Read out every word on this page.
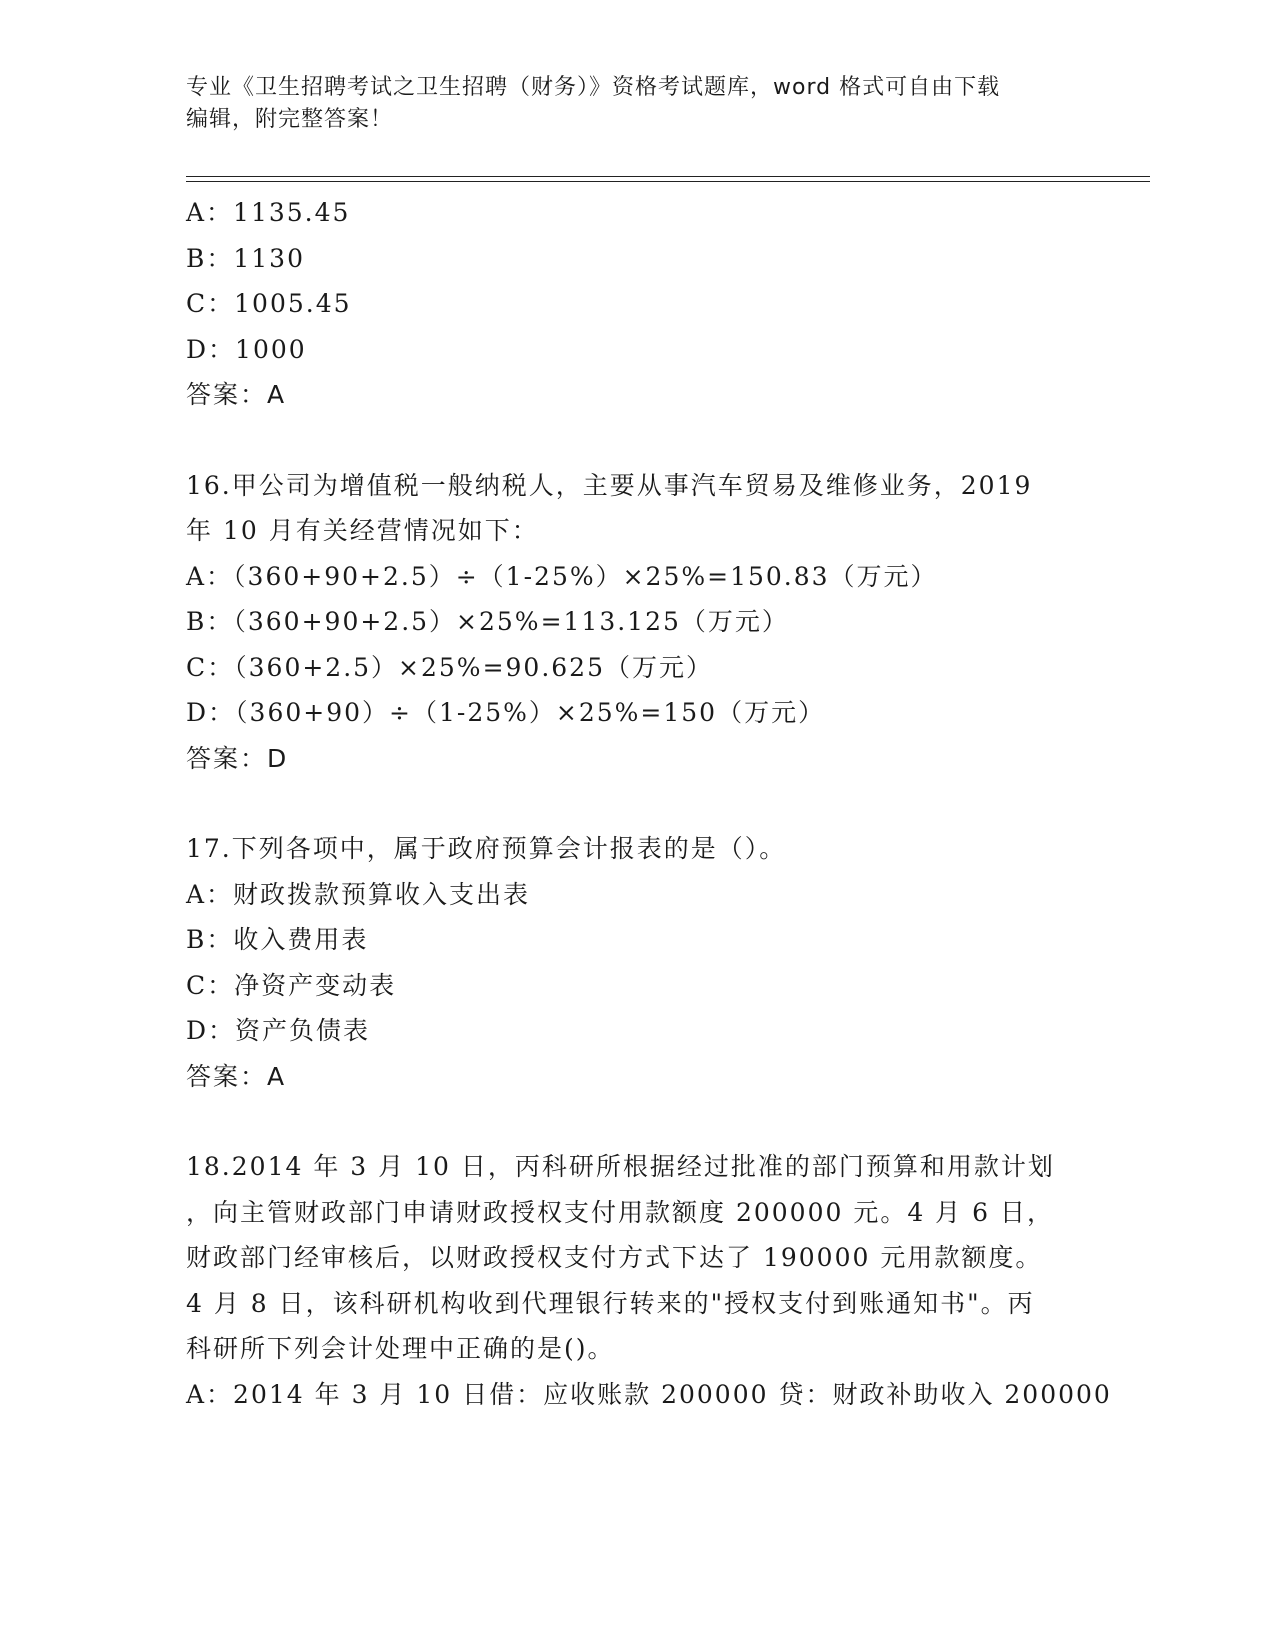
专业《卫生招聘考试之卫生招聘（财务）》资格考试题库，word 格式可自由下载
编辑，附完整答案！
A：1135.45
B：1130
C：1005.45
D：1000
答案：A
16.甲公司为增值税一般纳税人，主要从事汽车贸易及维修业务，2019
年 10 月有关经营情况如下：
A：（360+90+2.5）÷（1-25%）×25%=150.83（万元）
B：（360+90+2.5）×25%=113.125（万元）
C：（360+2.5）×25%=90.625（万元）
D：（360+90）÷（1-25%）×25%=150（万元）
答案：D
17.下列各项中，属于政府预算会计报表的是（）。
A：财政拨款预算收入支出表
B：收入费用表
C：净资产变动表
D：资产负债表
答案：A
18.2014 年 3 月 10 日，丙科研所根据经过批准的部门预算和用款计划
，向主管财政部门申请财政授权支付用款额度 200000 元。4 月 6 日，
财政部门经审核后，以财政授权支付方式下达了 190000 元用款额度。
4 月 8 日，该科研机构收到代理银行转来的"授权支付到账通知书"。丙
科研所下列会计处理中正确的是()。
A：2014 年 3 月 10 日借：应收账款 200000 贷：财政补助收入 200000
